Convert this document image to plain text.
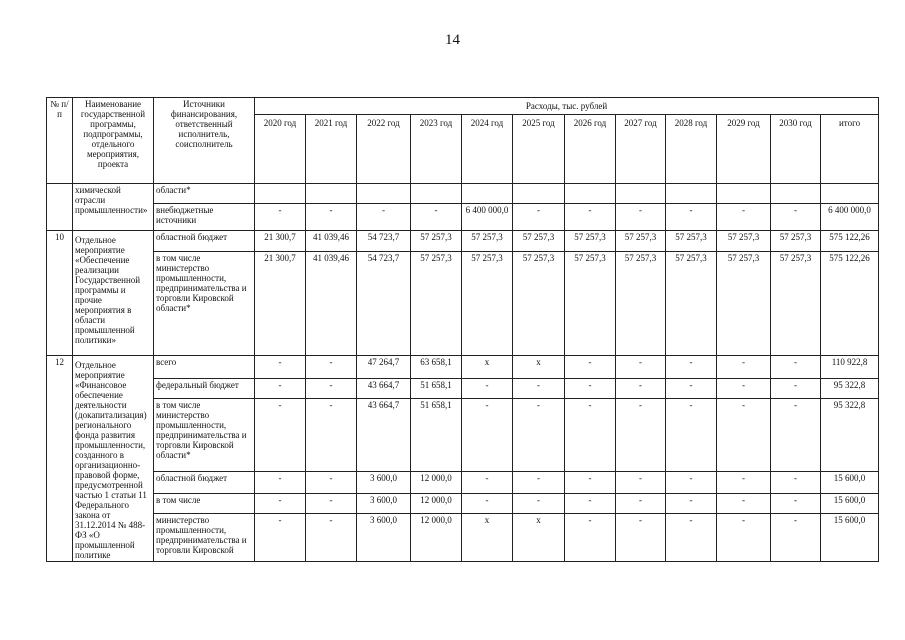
14
№ п/п	Наименование государственной программы, подпрограммы, отдельного мероприятия, проекта	Источники финансирования, ответственный исполнитель, соисполнитель	Расходы, тыс. рублей											
			2020 год	2021 год	2022 год	2023 год	2024 год	2025 год	2026 год	2027 год	2028 год	2029 год	2030 год	итого
	химической отрасли промышленности»	области*												
		внебюджетные источники	-	-	-	-	6 400 000,0	-	-	-	-	-	-	6 400 000,0
10	Отдельное мероприятие «Обеспечение реализации Государственной программы и прочие мероприятия в области промышленной политики»	областной бюджет	21 300,7	41 039,46	54 723,7	57 257,3	57 257,3	57 257,3	57 257,3	57 257,3	57 257,3	57 257,3	57 257,3	575 122,26
		в том числе министерство промышленности, предпринимательства и торговли Кировской области*	21 300,7	41 039,46	54 723,7	57 257,3	57 257,3	57 257,3	57 257,3	57 257,3	57 257,3	57 257,3	57 257,3	575 122,26
12	Отдельное мероприятие «Финансовое обеспечение деятельности (докапитализация) регионального фонда развития промышленности, созданного в организационно-правовой форме, предусмотренной частью 1 статьи 11 Федерального закона от 31.12.2014 № 488-ФЗ «О промышленной политике	всего	-	-	47 264,7	63 658,1	х	х	-	-	-	-	-	110 922,8
		федеральный бюджет	-	-	43 664,7	51 658,1	-	-	-	-	-	-	-	95 322,8
		в том числе министерство промышленности, предпринимательства и торговли Кировской области*	-	-	43 664,7	51 658,1	-	-	-	-	-	-	-	95 322,8
		областной бюджет	-	-	3 600,0	12 000,0	-	-	-	-	-	-	-	15 600,0
		в том числе	-	-	3 600,0	12 000,0	-	-	-	-	-	-	-	15 600,0
		министерство промышленности, предпринимательства и торговли Кировской	-	-	3 600,0	12 000,0	х	х	-	-	-	-	-	15 600,0
